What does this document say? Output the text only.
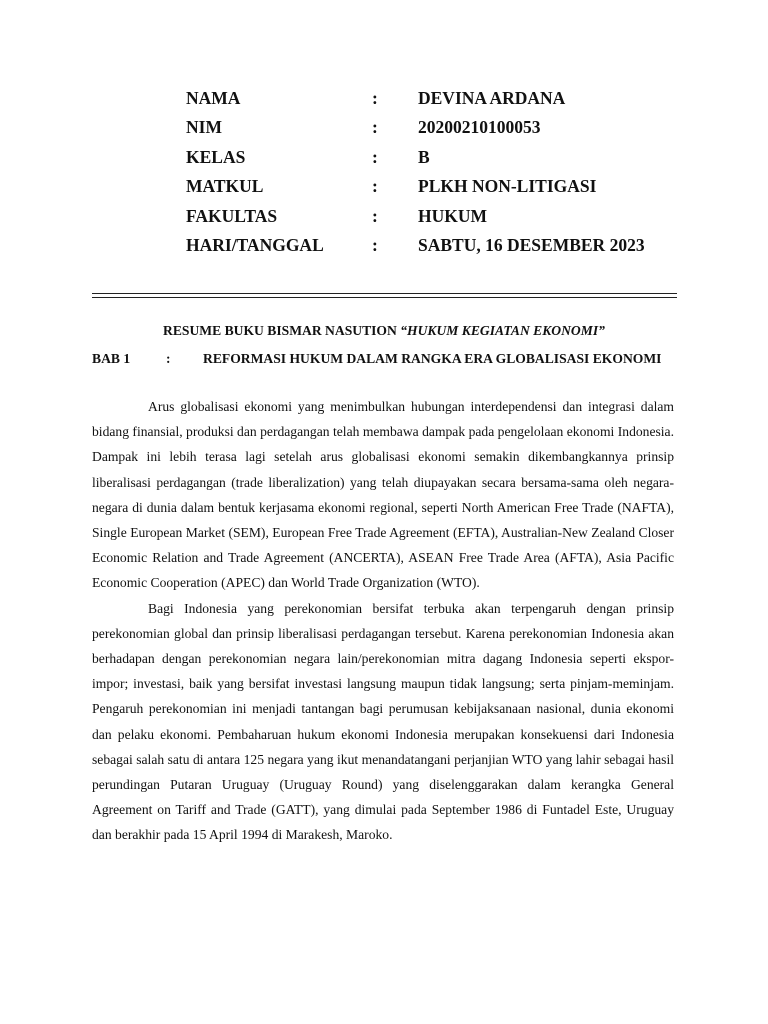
NAMA	: DEVINA ARDANA
NIM	: 20200210100053
KELAS	: B
MATKUL	: PLKH NON-LITIGASI
FAKULTAS	: HUKUM
HARI/TANGGAL	: SABTU, 16 DESEMBER 2023
RESUME BUKU BISMAR NASUTION “HUKUM KEGIATAN EKONOMI”
BAB 1	: REFORMASI HUKUM DALAM RANGKA ERA GLOBALISASI EKONOMI

Arus globalisasi ekonomi yang menimbulkan hubungan interdependensi dan integrasi dalam bidang finansial, produksi dan perdagangan telah membawa dampak pada pengelolaan ekonomi Indonesia. Dampak ini lebih terasa lagi setelah arus globalisasi ekonomi semakin dikembangkannya prinsip liberalisasi perdagangan (trade liberalization) yang telah diupayakan secara bersama-sama oleh negara-negara di dunia dalam bentuk kerjasama ekonomi regional, seperti North American Free Trade (NAFTA), Single European Market (SEM), European Free Trade Agreement (EFTA), Australian-New Zealand Closer Economic Relation and Trade Agreement (ANCERTA), ASEAN Free Trade Area (AFTA), Asia Pacific Economic Cooperation (APEC) dan World Trade Organization (WTO).

Bagi Indonesia yang perekonomian bersifat terbuka akan terpengaruh dengan prinsip perekonomian global dan prinsip liberalisasi perdagangan tersebut. Karena perekonomian Indonesia akan berhadapan dengan perekonomian negara lain/perekonomian mitra dagang Indonesia seperti ekspor-impor; investasi, baik yang bersifat investasi langsung maupun tidak langsung; serta pinjam-meminjam. Pengaruh perekonomian ini menjadi tantangan bagi perumusan kebijaksanaan nasional, dunia ekonomi dan pelaku ekonomi. Pembaharuan hukum ekonomi Indonesia merupakan konsekuensi dari Indonesia sebagai salah satu di antara 125 negara yang ikut menandatangani perjanjian WTO yang lahir sebagai hasil perundingan Putaran Uruguay (Uruguay Round) yang diselenggarakan dalam kerangka General Agreement on Tariff and Trade (GATT), yang dimulai pada September 1986 di Funtadel Este, Uruguay dan berakhir pada 15 April 1994 di Marakesh, Maroko.
